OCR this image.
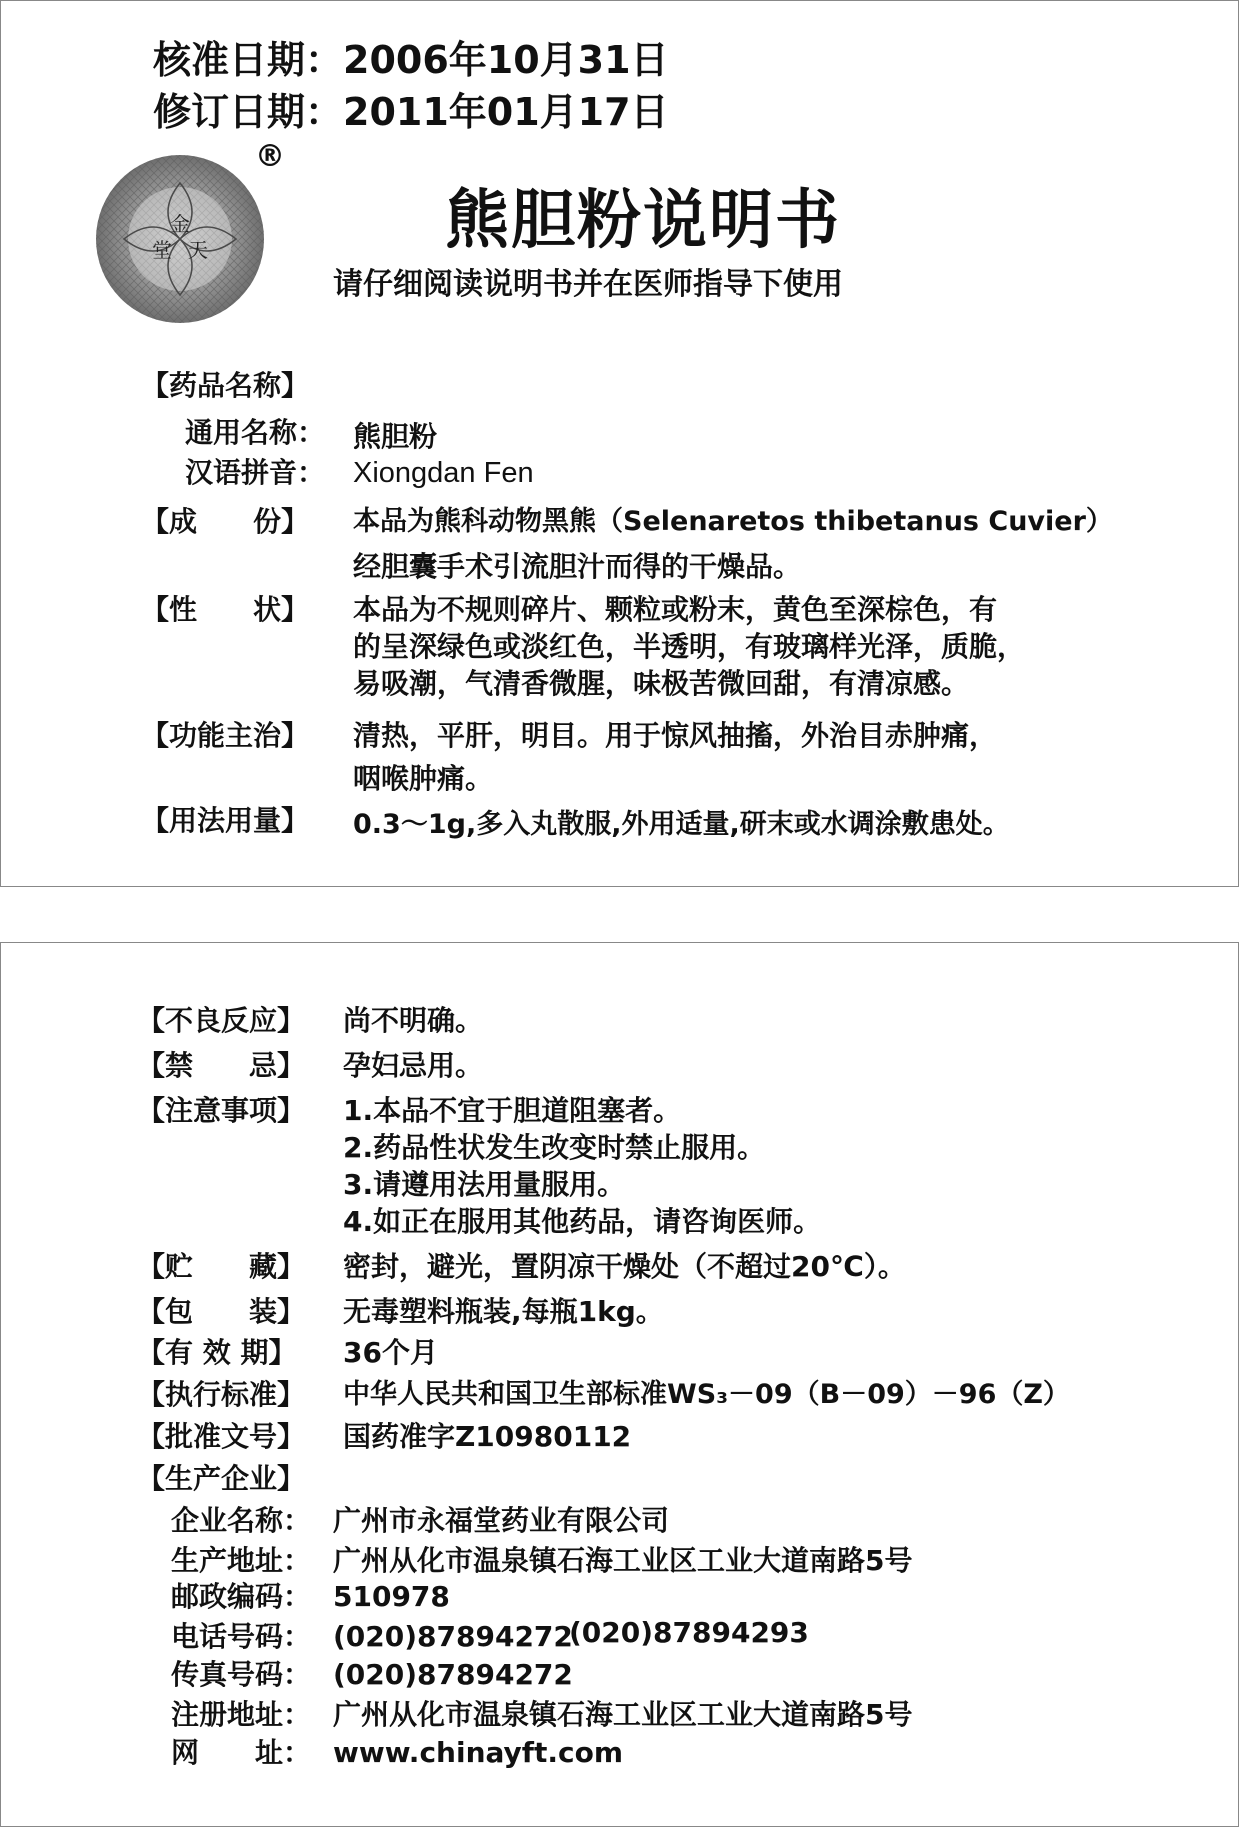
核准日期：2006年10月31日
修订日期：2011年01月17日
金
天
堂
®
熊胆粉说明书
请仔细阅读说明书并在医师指导下使用
【药品名称】
通用名称： 熊胆粉
汉语拼音： Xiongdan Fen
【成　　份】 本品为熊科动物黑熊（Selenaretos thibetanus Cuvier）
经胆囊手术引流胆汁而得的干燥品。
【性　　状】 本品为不规则碎片、颗粒或粉末，黄色至深棕色，有
的呈深绿色或淡红色，半透明，有玻璃样光泽，质脆，
易吸潮，气清香微腥，味极苦微回甜，有清凉感。
【功能主治】 清热，平肝，明目。用于惊风抽搐，外治目赤肿痛，
咽喉肿痛。
【用法用量】 0.3～1g,多入丸散服,外用适量,研末或水调涂敷患处。
【不良反应】 尚不明确。
【禁　　忌】 孕妇忌用。
【注意事项】 1.本品不宜于胆道阻塞者。
2.药品性状发生改变时禁止服用。
3.请遵用法用量服用。
4.如正在服用其他药品，请咨询医师。
【贮　　藏】 密封，避光，置阴凉干燥处（不超过20℃）。
【包　　装】 无毒塑料瓶装,每瓶1kg。
【有 效 期】 36个月
【执行标准】 中华人民共和国卫生部标准WS₃－09（B－09）－96（Z）
【批准文号】 国药准字Z10980112
【生产企业】
企业名称： 广州市永福堂药业有限公司
生产地址： 广州从化市温泉镇石海工业区工业大道南路5号
邮政编码： 510978
电话号码： (020)87894272
(020)87894293
传真号码： (020)87894272
注册地址： 广州从化市温泉镇石海工业区工业大道南路5号
网　　址： www.chinayft.com
